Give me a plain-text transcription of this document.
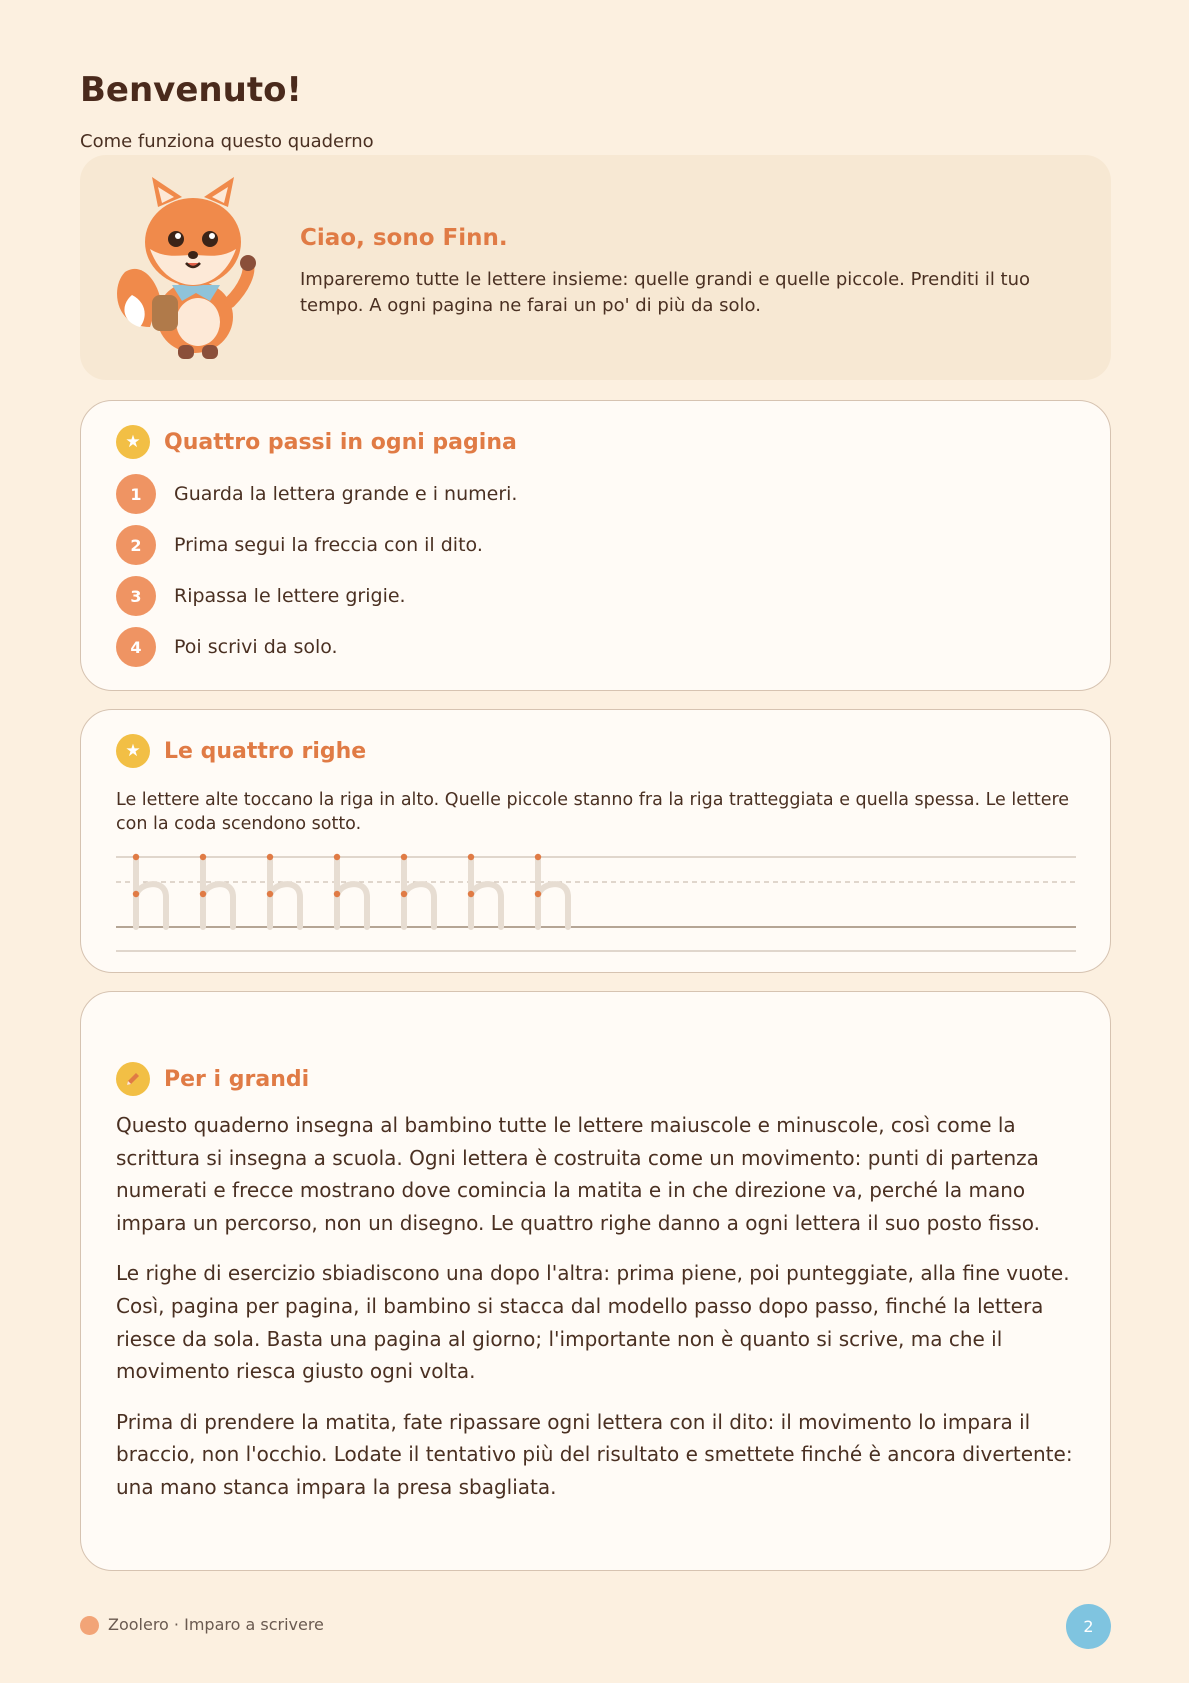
Benvenuto!
Come funziona questo quaderno
Ciao, sono Finn.
Impareremo tutte le lettere insieme: quelle grandi e quelle piccole. Prenditi il tuo tempo. A ogni pagina ne farai un po' di più da solo.
★	Quattro passi in ogni pagina
1	Guarda la lettera grande e i numeri.
2	Prima segui la freccia con il dito.
3	Ripassa le lettere grigie.
4	Poi scrivi da solo.
★	Le quattro righe
Le lettere alte toccano la riga in alto. Quelle piccole stanno fra la riga tratteggiata e quella spessa. Le lettere con la coda scendono sotto.
Per i grandi

Questo quaderno insegna al bambino tutte le lettere maiuscole e minuscole, così come la scrittura si insegna a scuola. Ogni lettera è costruita come un movimento: punti di partenza numerati e frecce mostrano dove comincia la matita e in che direzione va, perché la mano impara un percorso, non un disegno. Le quattro righe danno a ogni lettera il suo posto fisso.

Le righe di esercizio sbiadiscono una dopo l'altra: prima piene, poi punteggiate, alla fine vuote. Così, pagina per pagina, il bambino si stacca dal modello passo dopo passo, finché la lettera riesce da sola. Basta una pagina al giorno; l'importante non è quanto si scrive, ma che il movimento riesca giusto ogni volta.

Prima di prendere la matita, fate ripassare ogni lettera con il dito: il movimento lo impara il braccio, non l'occhio. Lodate il tentativo più del risultato e smettete finché è ancora divertente: una mano stanca impara la presa sbagliata.

Zoolero · Imparo a scrivere	2
